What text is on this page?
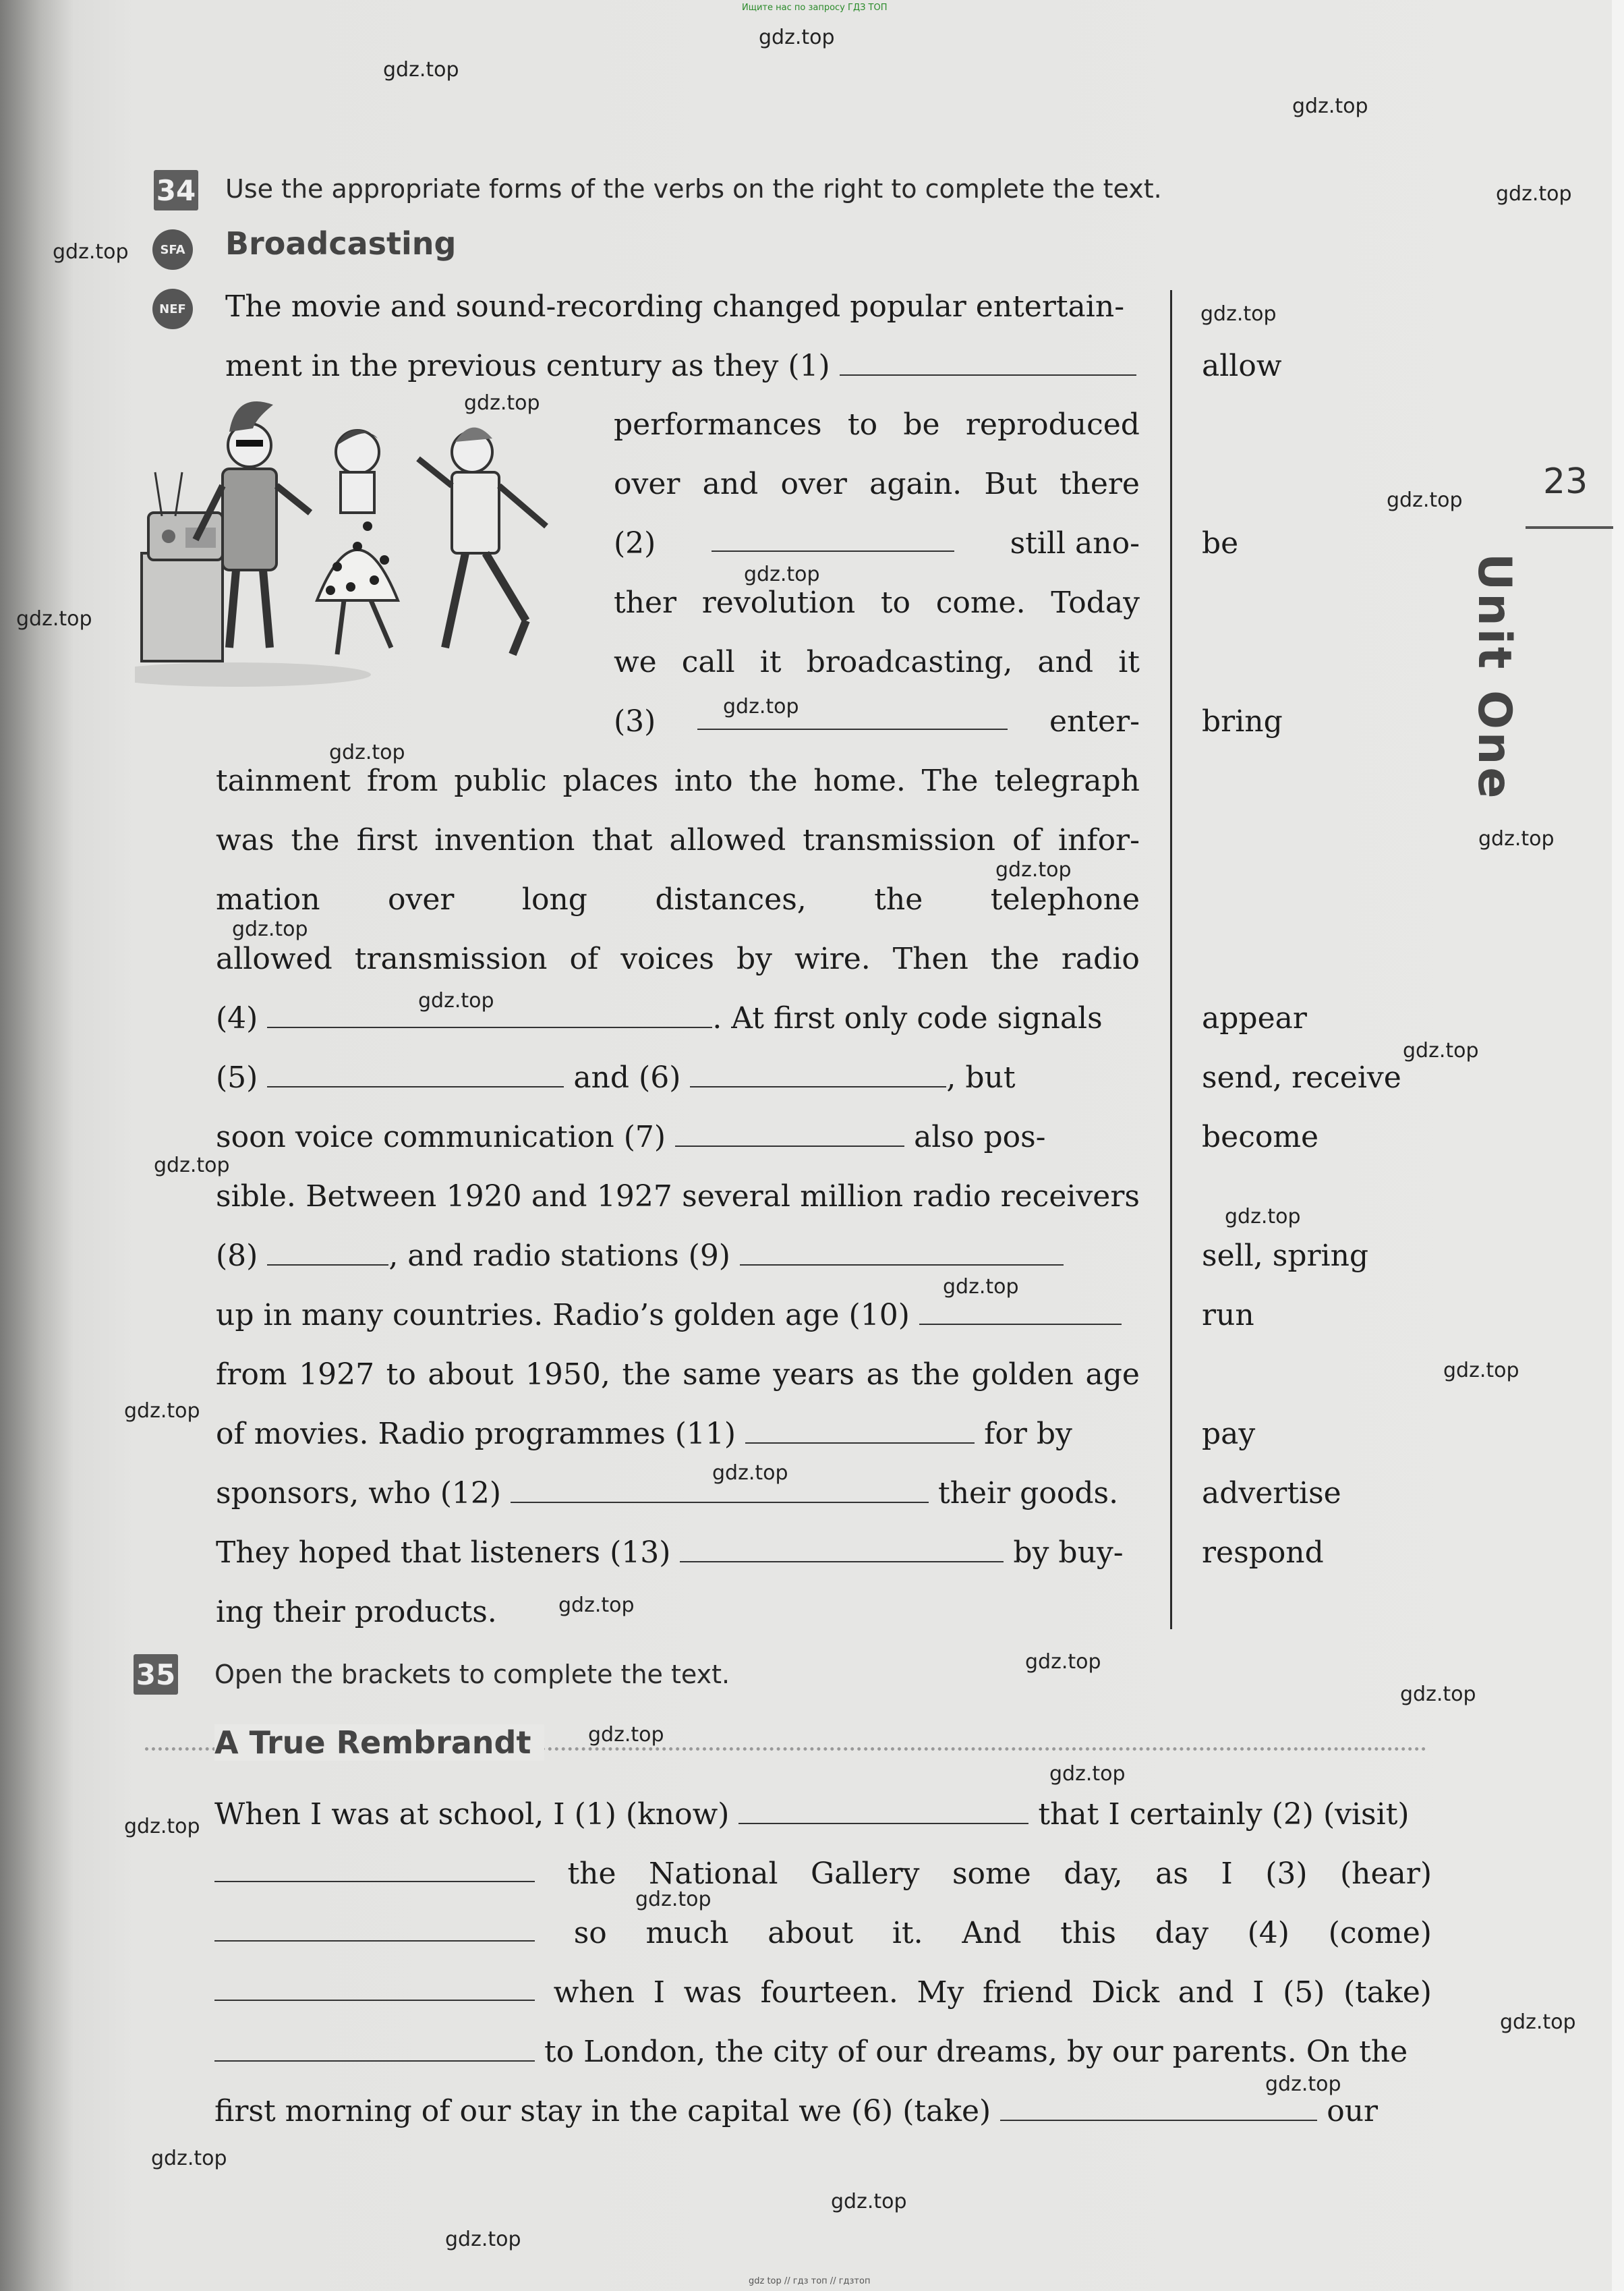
Ищите нас по запросу ГДЗ ТОП
gdz top // гдз топ // гдзтоп
gdz.top
gdz.top
gdz.top
gdz.top
gdz.top
gdz.top
gdz.top
gdz.top
gdz.top
gdz.top
gdz.top
gdz.top
gdz.top
gdz.top
gdz.top
gdz.top
gdz.top
gdz.top
gdz.top
gdz.top
gdz.top
gdz.top
gdz.top
gdz.top
gdz.top
gdz.top
gdz.top
gdz.top
gdz.top
gdz.top
gdz.top
gdz.top
gdz.top
gdz.top
gdz.top
23
Unit One
34 Use the appropriate forms of the verbs on the right to complete the text.
SFA
NEF
Broadcasting
The movie and sound-recording changed popular entertain-
ment in the previous century as they (1)
performances to be reproduced
over and over again. But there
(2)	still ano-
ther revolution to come. Today
we call it broadcasting, and it
(3)	enter-
tainment from public places into the home. The telegraph
was the first invention that allowed transmission of infor-
mation over long distances, the telephone
allowed transmission of voices by wire. Then the radio
(4)	. At first only code signals
(5)	and (6)	, but
soon voice communication (7)	also pos-
sible. Between 1920 and 1927 several million radio receivers
(8)	, and radio stations (9)
up in many countries. Radio’s golden age (10)
from 1927 to about 1950, the same years as the golden age
of movies. Radio programmes (11)	for by
sponsors, who (12)	their goods.
They hoped that listeners (13)	by buy-
ing their products.
allow
be
bring
appear
send, receive
become
sell, spring
run
pay
advertise
respond
35 Open the brackets to complete the text.
A True Rembrandt
When I was at school, I (1) (know)	that I certainly (2) (visit)
the National Gallery some day, as I (3) (hear)
so much about it. And this day (4) (come)
when I was fourteen. My friend Dick and I (5) (take)
to London, the city of our dreams, by our parents. On the
first morning of our stay in the capital we (6) (take)	our
